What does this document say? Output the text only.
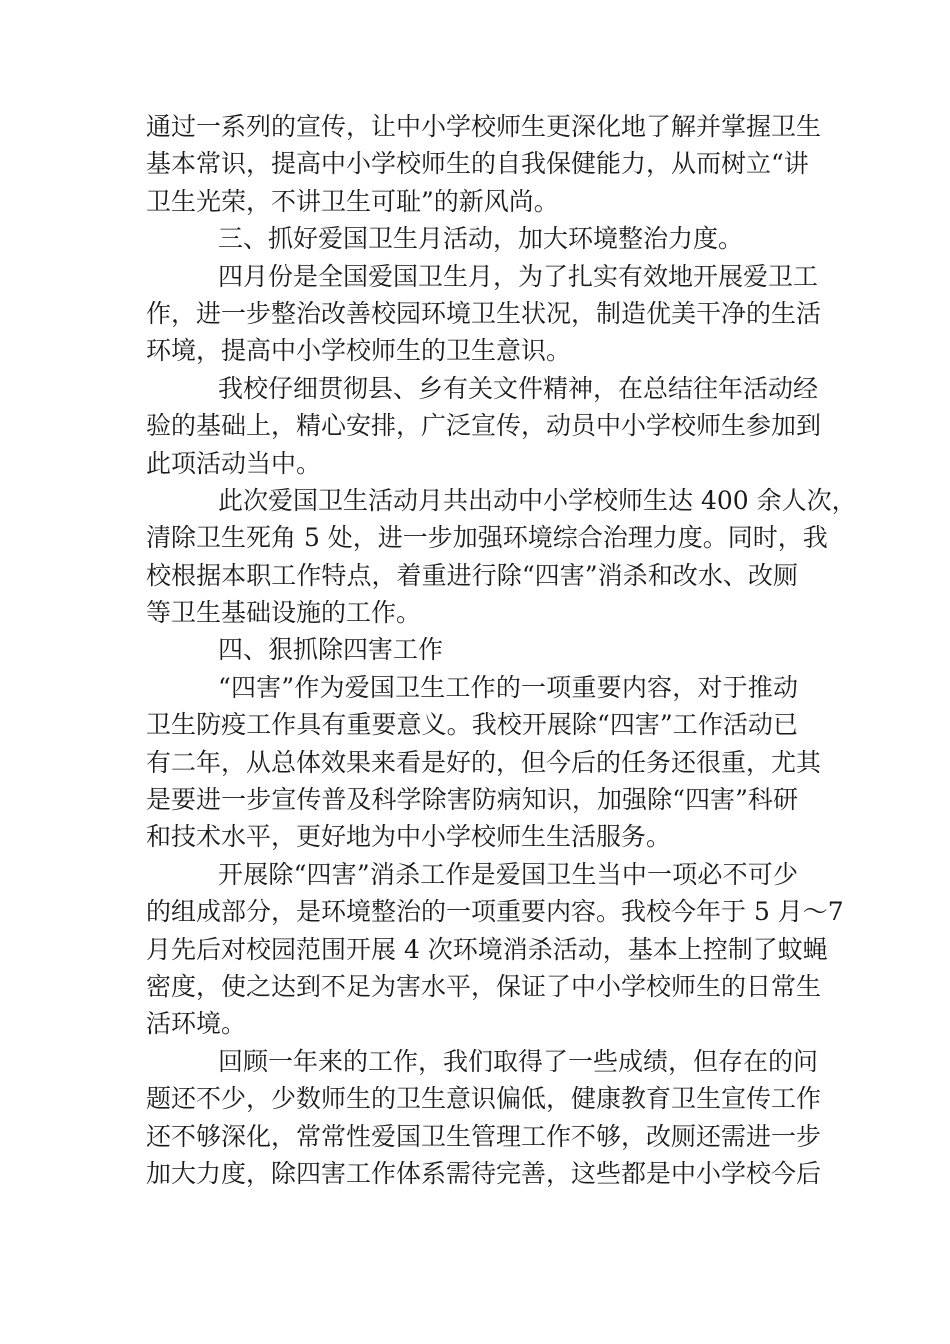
通过一系列的宣传，让中小学校师生更深化地了解并掌握卫生
基本常识，提高中小学校师生的自我保健能力，从而树立“讲
卫生光荣，不讲卫生可耻”的新风尚。
三、抓好爱国卫生月活动，加大环境整治力度。
四月份是全国爱国卫生月，为了扎实有效地开展爱卫工
作，进一步整治改善校园环境卫生状况，制造优美干净的生活
环境，提高中小学校师生的卫生意识。
我校仔细贯彻县、乡有关文件精神，在总结往年活动经
验的基础上，精心安排，广泛宣传，动员中小学校师生参加到
此项活动当中。
此次爱国卫生活动月共出动中小学校师生达 400 余人次，
清除卫生死角 5 处，进一步加强环境综合治理力度。同时，我
校根据本职工作特点，着重进行除“四害”消杀和改水、改厕
等卫生基础设施的工作。
四、狠抓除四害工作
“四害”作为爱国卫生工作的一项重要内容，对于推动
卫生防疫工作具有重要意义。我校开展除“四害”工作活动已
有二年，从总体效果来看是好的，但今后的任务还很重，尤其
是要进一步宣传普及科学除害防病知识，加强除“四害”科研
和技术水平，更好地为中小学校师生生活服务。
开展除“四害”消杀工作是爱国卫生当中一项必不可少
的组成部分，是环境整治的一项重要内容。我校今年于 5 月～7
月先后对校园范围开展 4 次环境消杀活动，基本上控制了蚊蝇
密度，使之达到不足为害水平，保证了中小学校师生的日常生
活环境。
回顾一年来的工作，我们取得了一些成绩，但存在的问
题还不少，少数师生的卫生意识偏低，健康教育卫生宣传工作
还不够深化，常常性爱国卫生管理工作不够，改厕还需进一步
加大力度，除四害工作体系需待完善，这些都是中小学校今后
